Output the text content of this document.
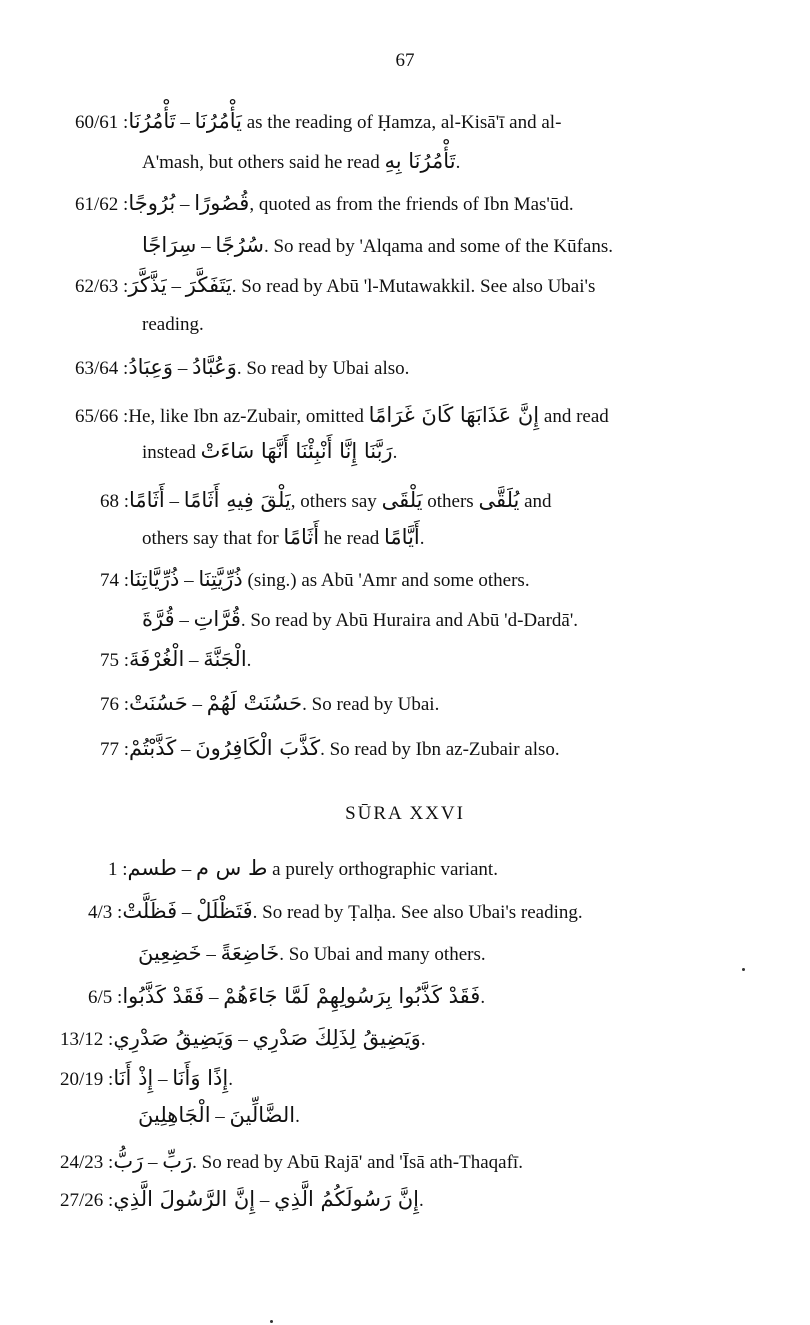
67
60/61 :تَأْمُرُنَا – يَأْمُرُنَا as the reading of Ḥamza, al-Kisā'ī and al-
A'mash, but others said he read تَأْمُرُنَا بِهِ.
61/62 :بُرُوجًا – قُصُورًا, quoted as from the friends of Ibn Mas'ūd.
سِرَاجًا – سُرُجًا. So read by 'Alqama and some of the Kūfans.
62/63 :يَذَّكَّرَ – يَتَفَكَّرَ. So read by Abū 'l-Mutawakkil. See also Ubai's
reading.
63/64 :وَعِبَادُ – وَعُبَّادُ. So read by Ubai also.
65/66 :He, like Ibn az-Zubair, omitted إِنَّ عَذَابَهَا كَانَ غَرَامًا and read
instead رَبَّنَا إِنَّا أَنْبِئْنَا أَنَّهَا سَاءَتْ.
68 :أَثَامًا – يَلْقَ فِيهِ أَثَامًا, others say يَلْقَى others يُلَقَّى and
others say that for أَثَامًا he read أَيَّامًا.
74 :ذُرِّيَّاتِنَا – ذُرِّيَّتِنَا (sing.) as Abū 'Amr and some others.
قُرَّةَ – قُرَّاتِ. So read by Abū Huraira and Abū 'd-Dardā'.
75 :الْغُرْفَةَ – الْجَنَّةَ.
76 :حَسُنَتْ – حَسُنَتْ لَهُمْ. So read by Ubai.
77 :كَذَّبْتُمْ – كَذَّبَ الْكَافِرُونَ. So read by Ibn az-Zubair also.
SŪRA XXVI
1 :طسم – ط س م a purely orthographic variant.
4/3 :فَظَلَّتْ – فَتَظْلَلْ. So read by Ṭalḥa. See also Ubai's reading.
خَضِعِينَ – خَاضِعَةً. So Ubai and many others.
6/5 :فَقَدْ كَذَّبُوا – فَقَدْ كَذَّبُوا بِرَسُولِهِمْ لَمَّا جَاءَهُمْ.
13/12 :وَيَضِيقُ صَدْرِي – وَيَضِيقُ لِذَلِكَ صَدْرِي.
20/19 :إِذْ أَنَا – إِذًا وَأَنَا.
الْجَاهِلِينَ – الضَّالِّينَ.
24/23 :رَبُّ – رَبِّ. So read by Abū Rajā' and 'Īsā ath-Thaqafī.
27/26 :إِنَّ الرَّسُولَ الَّذِي – إِنَّ رَسُولَكُمُ الَّذِي.
